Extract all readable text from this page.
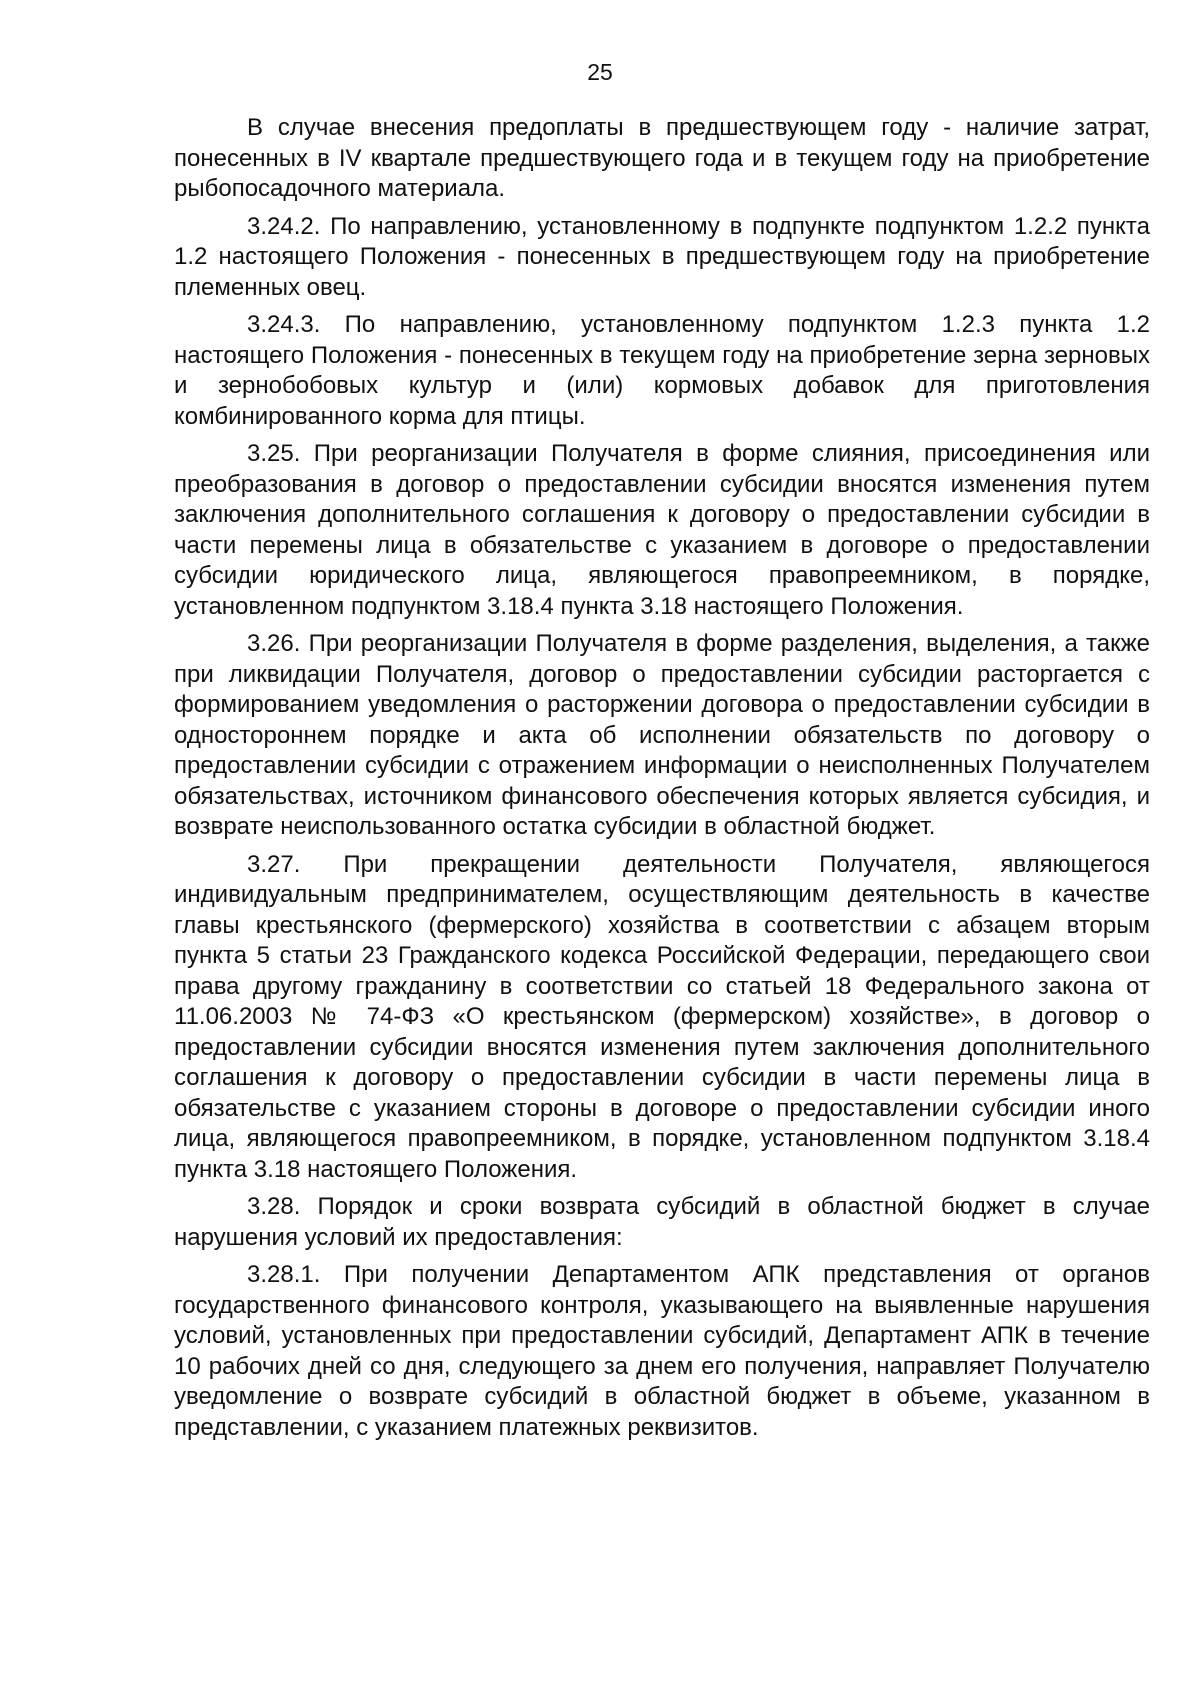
25

В случае внесения предоплаты в предшествующем году - наличие затрат, понесенных в IV квартале предшествующего года и в текущем году на приобретение рыбопосадочного материала.

3.24.2. По направлению, установленному в подпункте подпунктом 1.2.2 пункта 1.2 настоящего Положения - понесенных в предшествующем году на приобретение племенных овец.

3.24.3. По направлению, установленному подпунктом 1.2.3 пункта 1.2 настоящего Положения - понесенных в текущем году на приобретение зерна зерновых и зернобобовых культур и (или) кормовых добавок для приготовления комбинированного корма для птицы.

3.25. При реорганизации Получателя в форме слияния, присоединения или преобразования в договор о предоставлении субсидии вносятся изменения путем заключения дополнительного соглашения к договору о предоставлении субсидии в части перемены лица в обязательстве с указанием в договоре о предоставлении субсидии юридического лица, являющегося правопреемником, в порядке, установленном подпунктом 3.18.4 пункта 3.18 настоящего Положения.

3.26. При реорганизации Получателя в форме разделения, выделения, а также при ликвидации Получателя, договор о предоставлении субсидии расторгается с формированием уведомления о расторжении договора о предоставлении субсидии в одностороннем порядке и акта об исполнении обязательств по договору о предоставлении субсидии с отражением информации о неисполненных Получателем обязательствах, источником финансового обеспечения которых является субсидия, и возврате неиспользованного остатка субсидии в областной бюджет.

3.27. При прекращении деятельности Получателя, являющегося индивидуальным предпринимателем, осуществляющим деятельность в качестве главы крестьянского (фермерского) хозяйства в соответствии с абзацем вторым пункта 5 статьи 23 Гражданского кодекса Российской Федерации, передающего свои права другому гражданину в соответствии со статьей 18 Федерального закона от 11.06.2003 № 74-ФЗ «О крестьянском (фермерском) хозяйстве», в договор о предоставлении субсидии вносятся изменения путем заключения дополнительного соглашения к договору о предоставлении субсидии в части перемены лица в обязательстве с указанием стороны в договоре о предоставлении субсидии иного лица, являющегося правопреемником, в порядке, установленном подпунктом 3.18.4 пункта 3.18 настоящего Положения.

3.28. Порядок и сроки возврата субсидий в областной бюджет в случае нарушения условий их предоставления:

3.28.1. При получении Департаментом АПК представления от органов государственного финансового контроля, указывающего на выявленные нарушения условий, установленных при предоставлении субсидий, Департамент АПК в течение 10 рабочих дней со дня, следующего за днем его получения, направляет Получателю уведомление о возврате субсидий в областной бюджет в объеме, указанном в представлении, с указанием платежных реквизитов.
